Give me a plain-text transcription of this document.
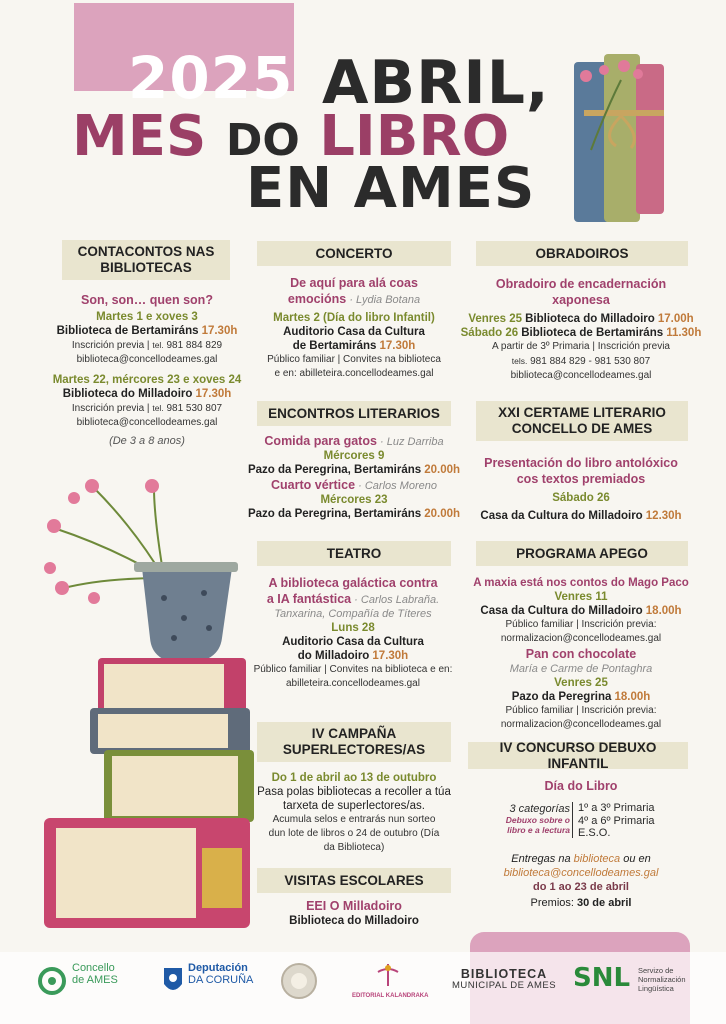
2025 ABRIL,
MES DO LIBRO
EN AMES
CONTACONTOS NAS BIBLIOTECAS
Son, son… quen son?
Martes 1 e xoves 3
Biblioteca de Bertamiráns 17.30h
Inscrición previa | tel. 981 884 829
biblioteca@concellodeames.gal
Martes 22, mércores 23 e xoves 24
Biblioteca do Milladoiro 17.30h
Inscrición previa | tel. 981 530 807
biblioteca@concellodeames.gal
(De 3 a 8 anos)
CONCERTO
De aquí para alá coas
emocións · Lydia Botana
Martes 2 (Día do libro Infantil)
Auditorio Casa da Cultura
de Bertamiráns 17.30h
Público familiar | Convites na biblioteca
e en: abilleteira.concellodeames.gal
ENCONTROS LITERARIOS
Comida para gatos · Luz Darriba
Mércores 9
Pazo da Peregrina, Bertamiráns 20.00h
Cuarto vértice · Carlos Moreno
Mércores 23
Pazo da Peregrina, Bertamiráns 20.00h
TEATRO
A biblioteca galáctica contra
a IA fantástica · Carlos Labraña.
Tanxarina, Compañía de Títeres
Luns 28
Auditorio Casa da Cultura
do Milladoiro 17.30h
Público familiar | Convites na biblioteca e en:
abilleteira.concellodeames.gal
IV CAMPAÑA SUPERLECTORES/AS
Do 1 de abril ao 13 de outubro
Pasa polas bibliotecas a recoller a túa
tarxeta de superlectores/as.
Acumula selos e entrarás nun sorteo
dun lote de libros o 24 de outubro (Día
da Biblioteca)
VISITAS ESCOLARES
EEI O Milladoiro
Biblioteca do Milladoiro
OBRADOIROS
Obradoiro de encadernación
xaponesa
Venres 25 Biblioteca do Milladoiro 17.00h
Sábado 26 Biblioteca de Bertamiráns 11.30h
A partir de 3º Primaria | Inscrición previa
tels. 981 884 829 - 981 530 807
biblioteca@concellodeames.gal
XXI CERTAME LITERARIO CONCELLO DE AMES
Presentación do libro antolóxico
cos textos premiados
Sábado 26
Casa da Cultura do Milladoiro 12.30h
PROGRAMA APEGO
A maxia está nos contos do Mago Paco
Venres 11
Casa da Cultura do Milladoiro 18.00h
Público familiar | Inscrición previa:
normalizacion@concellodeames.gal
Pan con chocolate
María e Carme de Pontaghra
Venres 25
Pazo da Peregrina 18.00h
Público familiar | Inscrición previa:
normalizacion@concellodeames.gal
IV CONCURSO DEBUXO INFANTIL
Día do Libro
3 categorías
Debuxo sobre o
libro e a lectura
1º a 3º Primaria
4º a 6º Primaria
E.S.O.
Entregas na biblioteca ou en
biblioteca@concellodeames.gal
do 1 ao 23 de abril
Premios: 30 de abril
Concello
de AMES
Deputación
DA CORUÑA
EDITORIAL KALANDRAKA
BIBLIOTECA
MUNICIPAL DE AMES SNL Servizo de
Normalización
Lingüística
